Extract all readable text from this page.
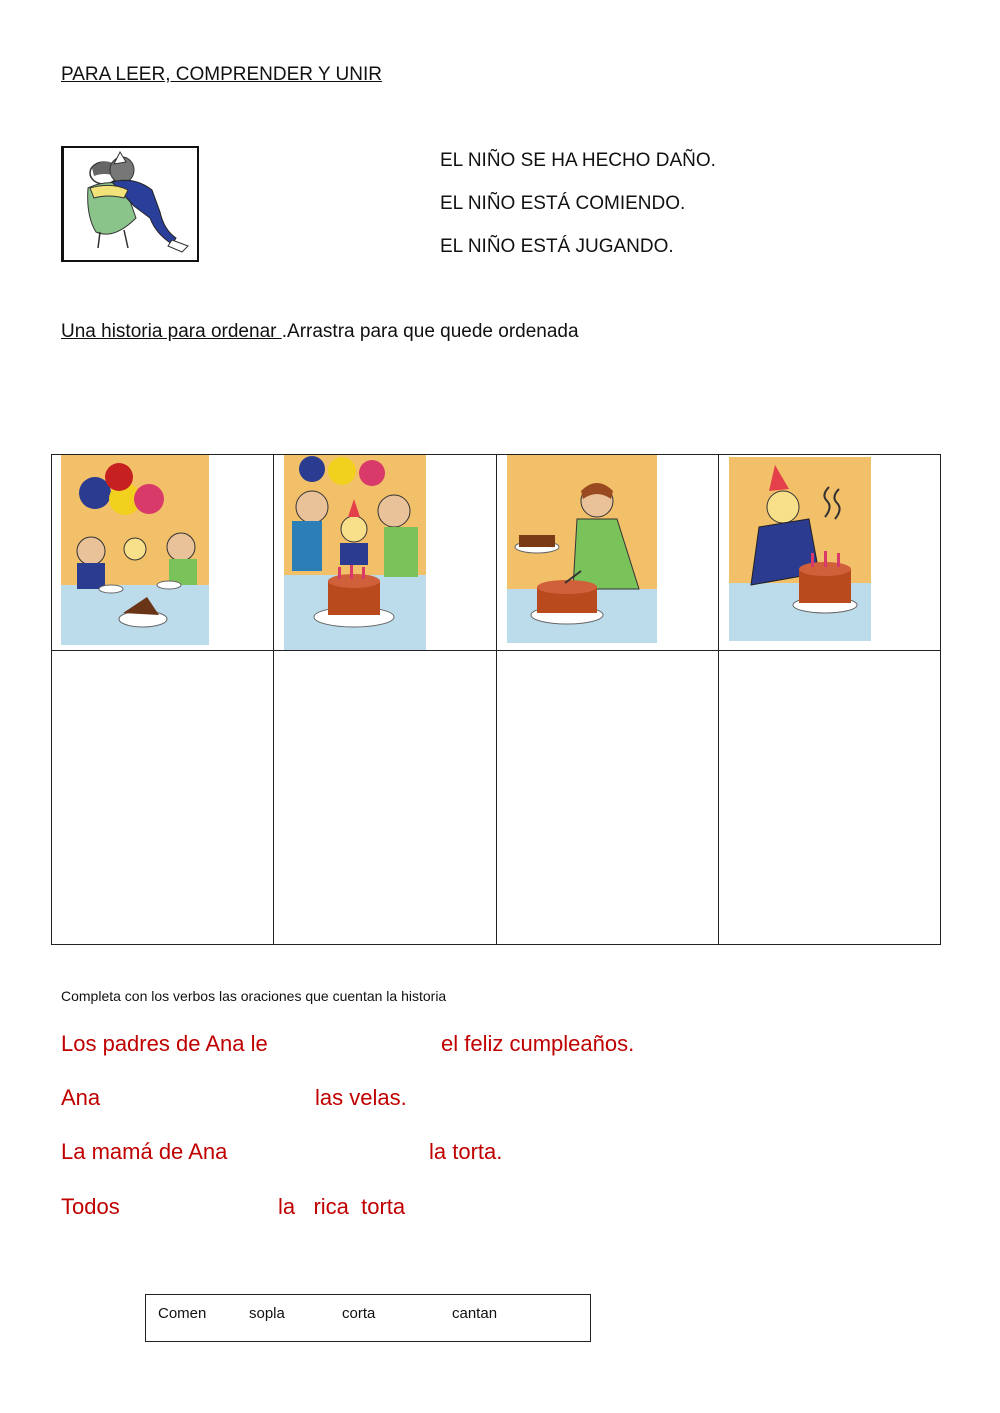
PARA LEER, COMPRENDER Y UNIR
EL NIÑO SE HA HECHO DAÑO.
EL NIÑO ESTÁ COMIENDO.
EL NIÑO ESTÁ JUGANDO.
Una historia para ordenar .Arrastra para que quede ordenada

Completa con los verbos las oraciones que cuentan la historia
Los padres de Ana le	el feliz cumpleaños.
Ana	las velas.
La mamá de Ana	la torta.
Todos	la   rica  torta
Comen	sopla	corta	cantan
